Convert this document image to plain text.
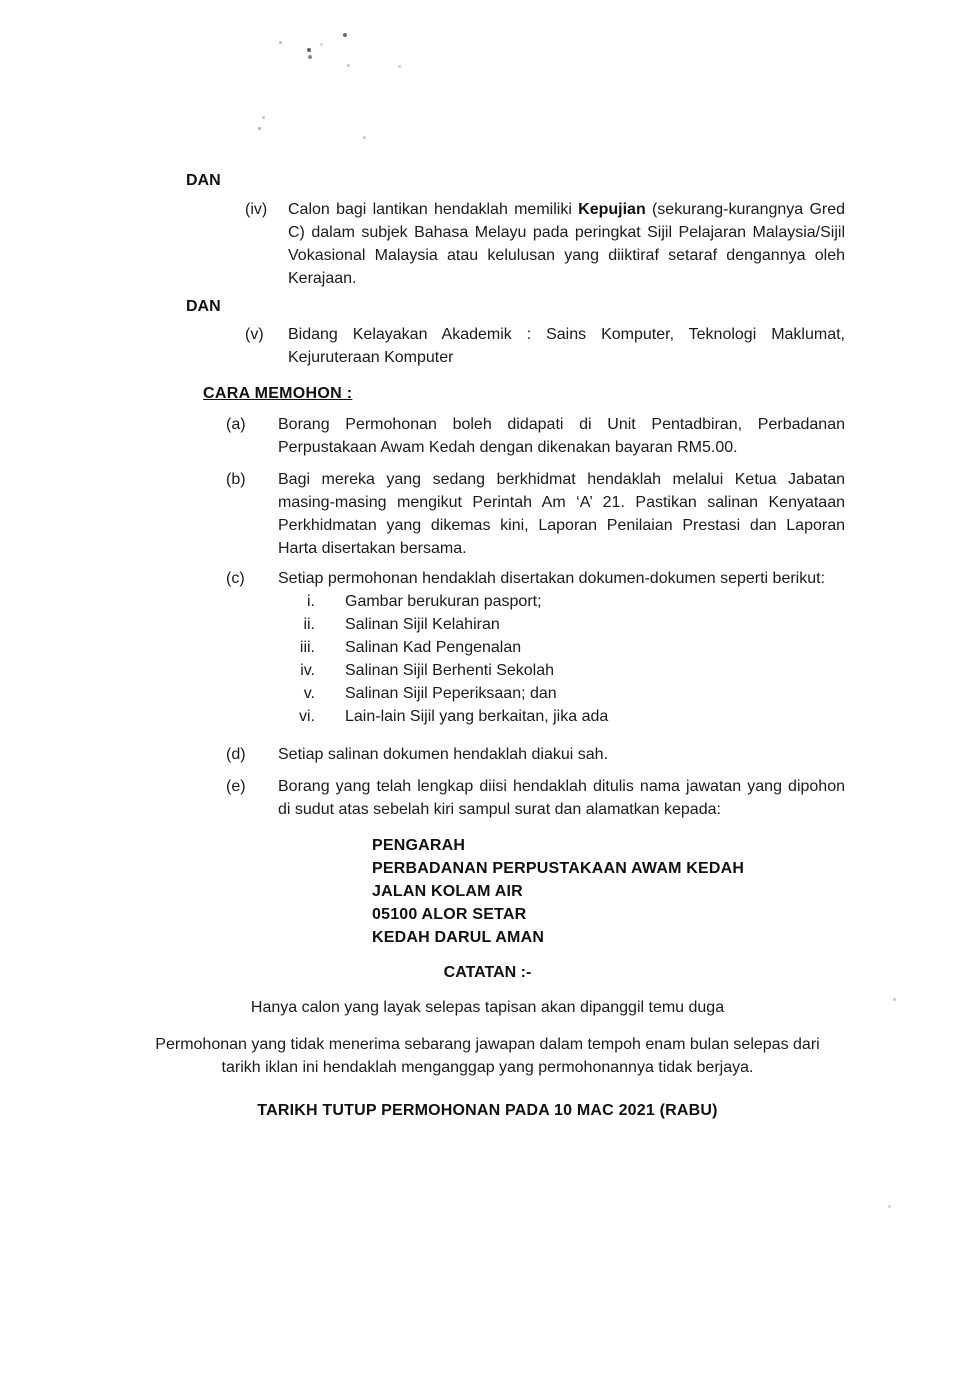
DAN
(iv)	Calon bagi lantikan hendaklah memiliki Kepujian (sekurang-kurangnya Gred C) dalam subjek Bahasa Melayu pada peringkat Sijil Pelajaran Malaysia/Sijil Vokasional Malaysia atau kelulusan yang diiktiraf setaraf dengannya oleh Kerajaan.
DAN
(v)	Bidang Kelayakan Akademik : Sains Komputer, Teknologi Maklumat, Kejuruteraan Komputer
CARA MEMOHON :
(a)	Borang Permohonan boleh didapati di Unit Pentadbiran, Perbadanan Perpustakaan Awam Kedah dengan dikenakan bayaran RM5.00.
(b)	Bagi mereka yang sedang berkhidmat hendaklah melalui Ketua Jabatan masing-masing mengikut Perintah Am ‘A’ 21. Pastikan salinan Kenyataan Perkhidmatan yang dikemas kini, Laporan Penilaian Prestasi dan Laporan Harta disertakan bersama.
(c)	Setiap permohonan hendaklah disertakan dokumen-dokumen seperti berikut:
i. Gambar berukuran pasport;
ii. Salinan Sijil Kelahiran
iii. Salinan Kad Pengenalan
iv. Salinan Sijil Berhenti Sekolah
v. Salinan Sijil Peperiksaan; dan
vi. Lain-lain Sijil yang berkaitan, jika ada
(d)	Setiap salinan dokumen hendaklah diakui sah.
(e)	Borang yang telah lengkap diisi hendaklah ditulis nama jawatan yang dipohon di sudut atas sebelah kiri sampul surat dan alamatkan kepada:
PENGARAH
PERBADANAN PERPUSTAKAAN AWAM KEDAH
JALAN KOLAM AIR
05100 ALOR SETAR
KEDAH DARUL AMAN
CATATAN :-
Hanya calon yang layak selepas tapisan akan dipanggil temu duga
Permohonan yang tidak menerima sebarang jawapan dalam tempoh enam bulan selepas dari tarikh iklan ini hendaklah menganggap yang permohonannya tidak berjaya.
TARIKH TUTUP PERMOHONAN PADA 10 MAC 2021 (RABU)
